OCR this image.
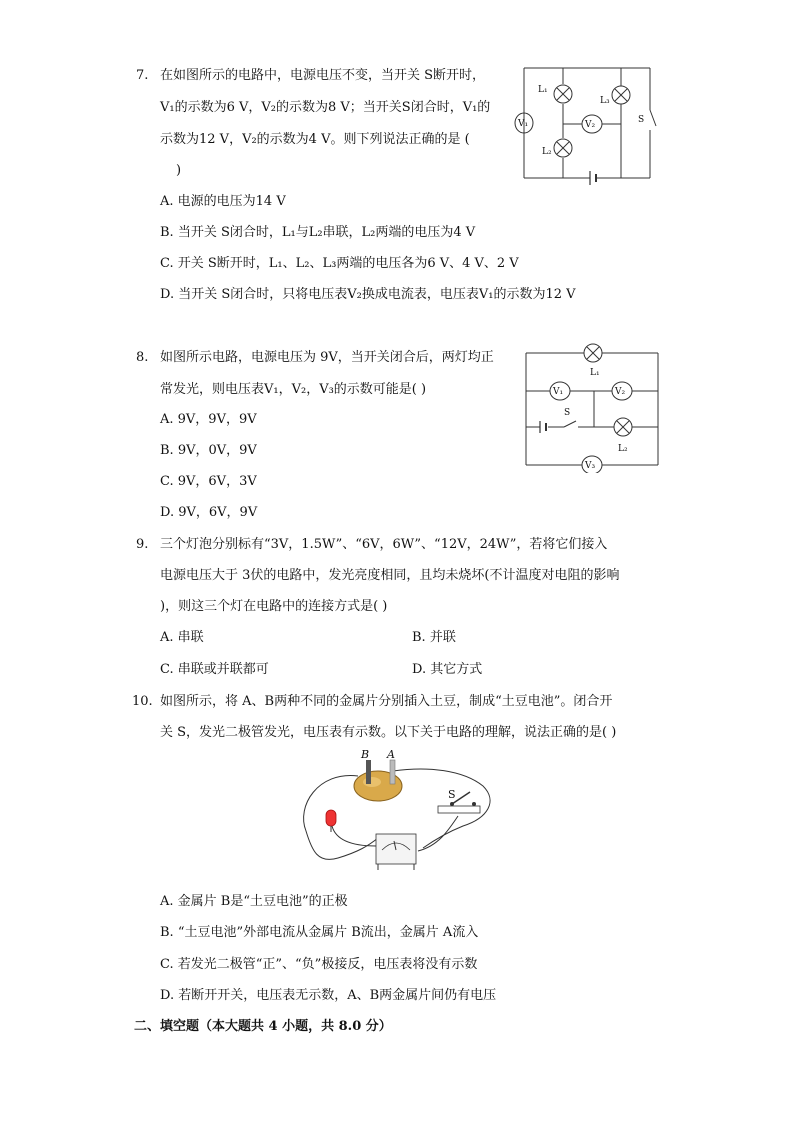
7. 在如图所示的电路中，电源电压不变，当开关 S断开时，
V₁的示数为6 V，V₂的示数为8 V；当开关S闭合时，V₁的
示数为12 V，V₂的示数为4 V。则下列说法正确的是 (
)
A. 电源的电压为14 V
B. 当开关 S闭合时，L₁与L₂串联，L₂两端的电压为4 V
C. 开关 S断开时，L₁、L₂、L₃两端的电压各为6 V、4 V、2 V
D. 当开关 S闭合时，只将电压表V₂换成电流表，电压表V₁的示数为12 V
L₁
L₃
L₂
V₁	V₂	S
8. 如图所示电路，电源电压为 9V，当开关闭合后，两灯均正
常发光，则电压表V₁，V₂，V₃的示数可能是( )
A. 9V，9V，9V
B. 9V，0V，9V
C. 9V，6V，3V
D. 9V，6V，9V
L₁
L₂
V₁	V₂
V₃
S
9. 三个灯泡分别标有“3V，1.5W”、“6V，6W”、“12V，24W”，若将它们接入
电源电压大于 3伏的电路中，发光亮度相同，且均未烧坏(不计温度对电阻的影响
)，则这三个灯在电路中的连接方式是( )
A. 串联	B. 并联
C. 串联或并联都可	D. 其它方式
10. 如图所示，将 A、B两种不同的金属片分别插入土豆，制成“土豆电池”。闭合开
关 S，发光二极管发光，电压表有示数。以下关于电路的理解，说法正确的是( )
A. 金属片 B是“土豆电池”的正极
B. “土豆电池”外部电流从金属片 B流出，金属片 A流入
C. 若发光二极管“正”、“负”极接反，电压表将没有示数
D. 若断开开关，电压表无示数，A、B两金属片间仍有电压
B A
S
二、填空题（本大题共 4 小题，共 8.0 分）
